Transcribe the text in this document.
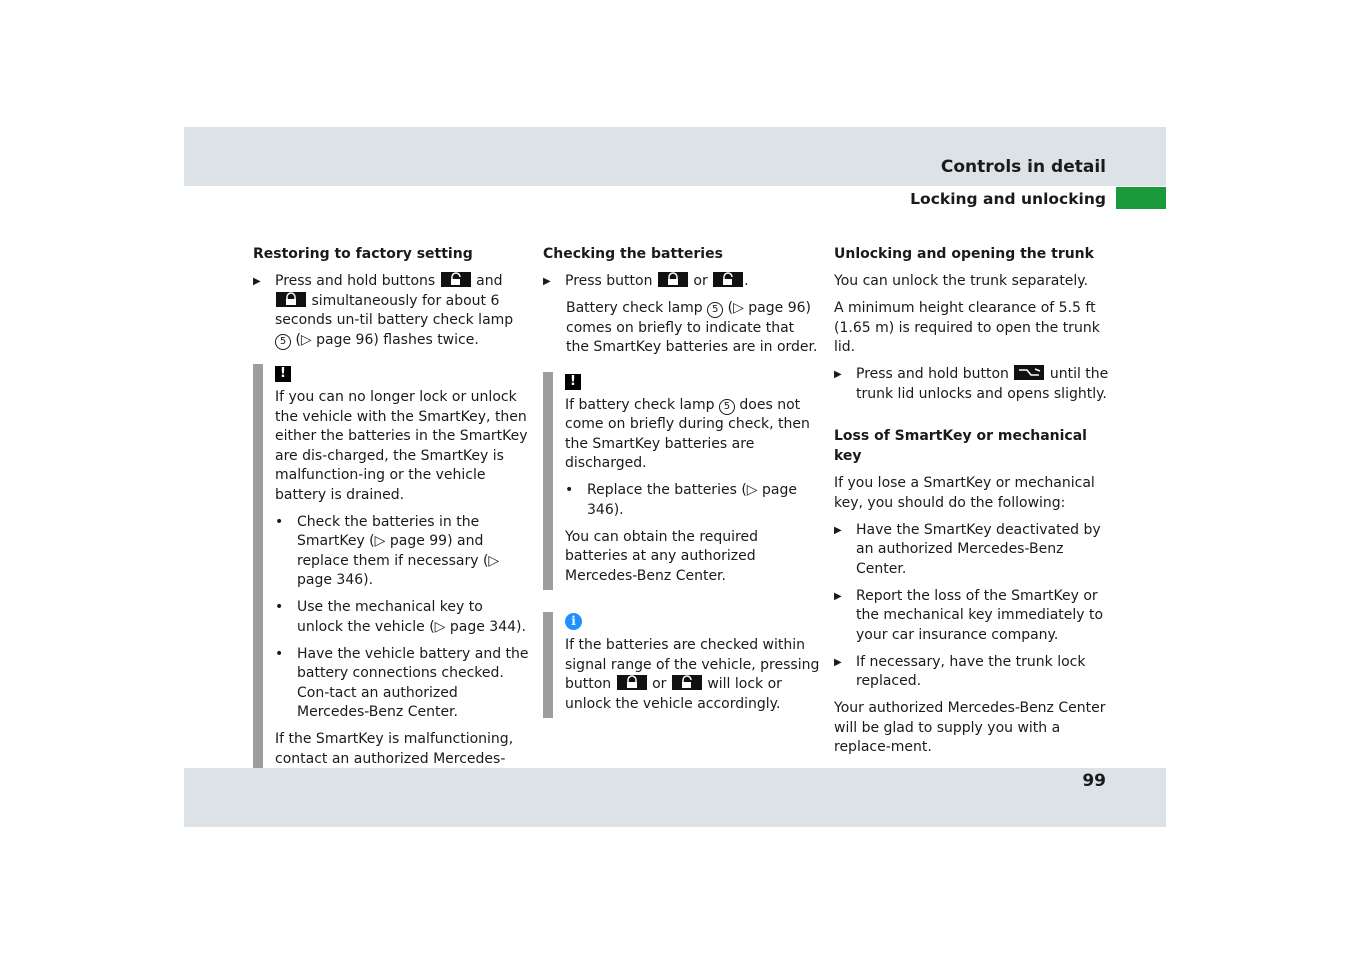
Controls in detail
Locking and unlocking
Restoring to factory setting
▶ Press and hold buttons
and
simultaneously for about 6 seconds un-til battery check lamp 5 (▷ page 96) flashes twice.
!

If you can no longer lock or unlock the vehicle with the SmartKey, then either the batteries in the SmartKey are dis-charged, the SmartKey is malfunction-ing or the vehicle battery is drained.

• Check the batteries in the SmartKey (▷ page 99) and replace them if necessary (▷ page 346).
• Use the mechanical key to unlock the vehicle (▷ page 344).
• Have the vehicle battery and the battery connections checked. Con-tact an authorized Mercedes-Benz Center.

If the SmartKey is malfunctioning, contact an authorized Mercedes-

Checking the batteries
▶ Press button
or
.

Battery check lamp 5 (▷ page 96) comes on briefly to indicate that the SmartKey batteries are in order.

!

If battery check lamp 5 does not come on briefly during check, then the SmartKey batteries are discharged.

• Replace the batteries (▷ page 346).

You can obtain the required batteries at any authorized Mercedes-Benz Center.

i

If the batteries are checked within signal range of the vehicle, pressing button
or
will lock or unlock the vehicle accordingly.

Unlocking and opening the trunk

You can unlock the trunk separately.

A minimum height clearance of 5.5 ft (1.65 m) is required to open the trunk lid.

▶ Press and hold button
until the trunk lid unlocks and opens slightly.
Loss of SmartKey or mechanical key

If you lose a SmartKey or mechanical key, you should do the following:

▶ Have the SmartKey deactivated by an authorized Mercedes-Benz Center.
▶ Report the loss of the SmartKey or the mechanical key immediately to your car insurance company.
▶ If necessary, have the trunk lock replaced.

Your authorized Mercedes-Benz Center will be glad to supply you with a replace-ment.

99
